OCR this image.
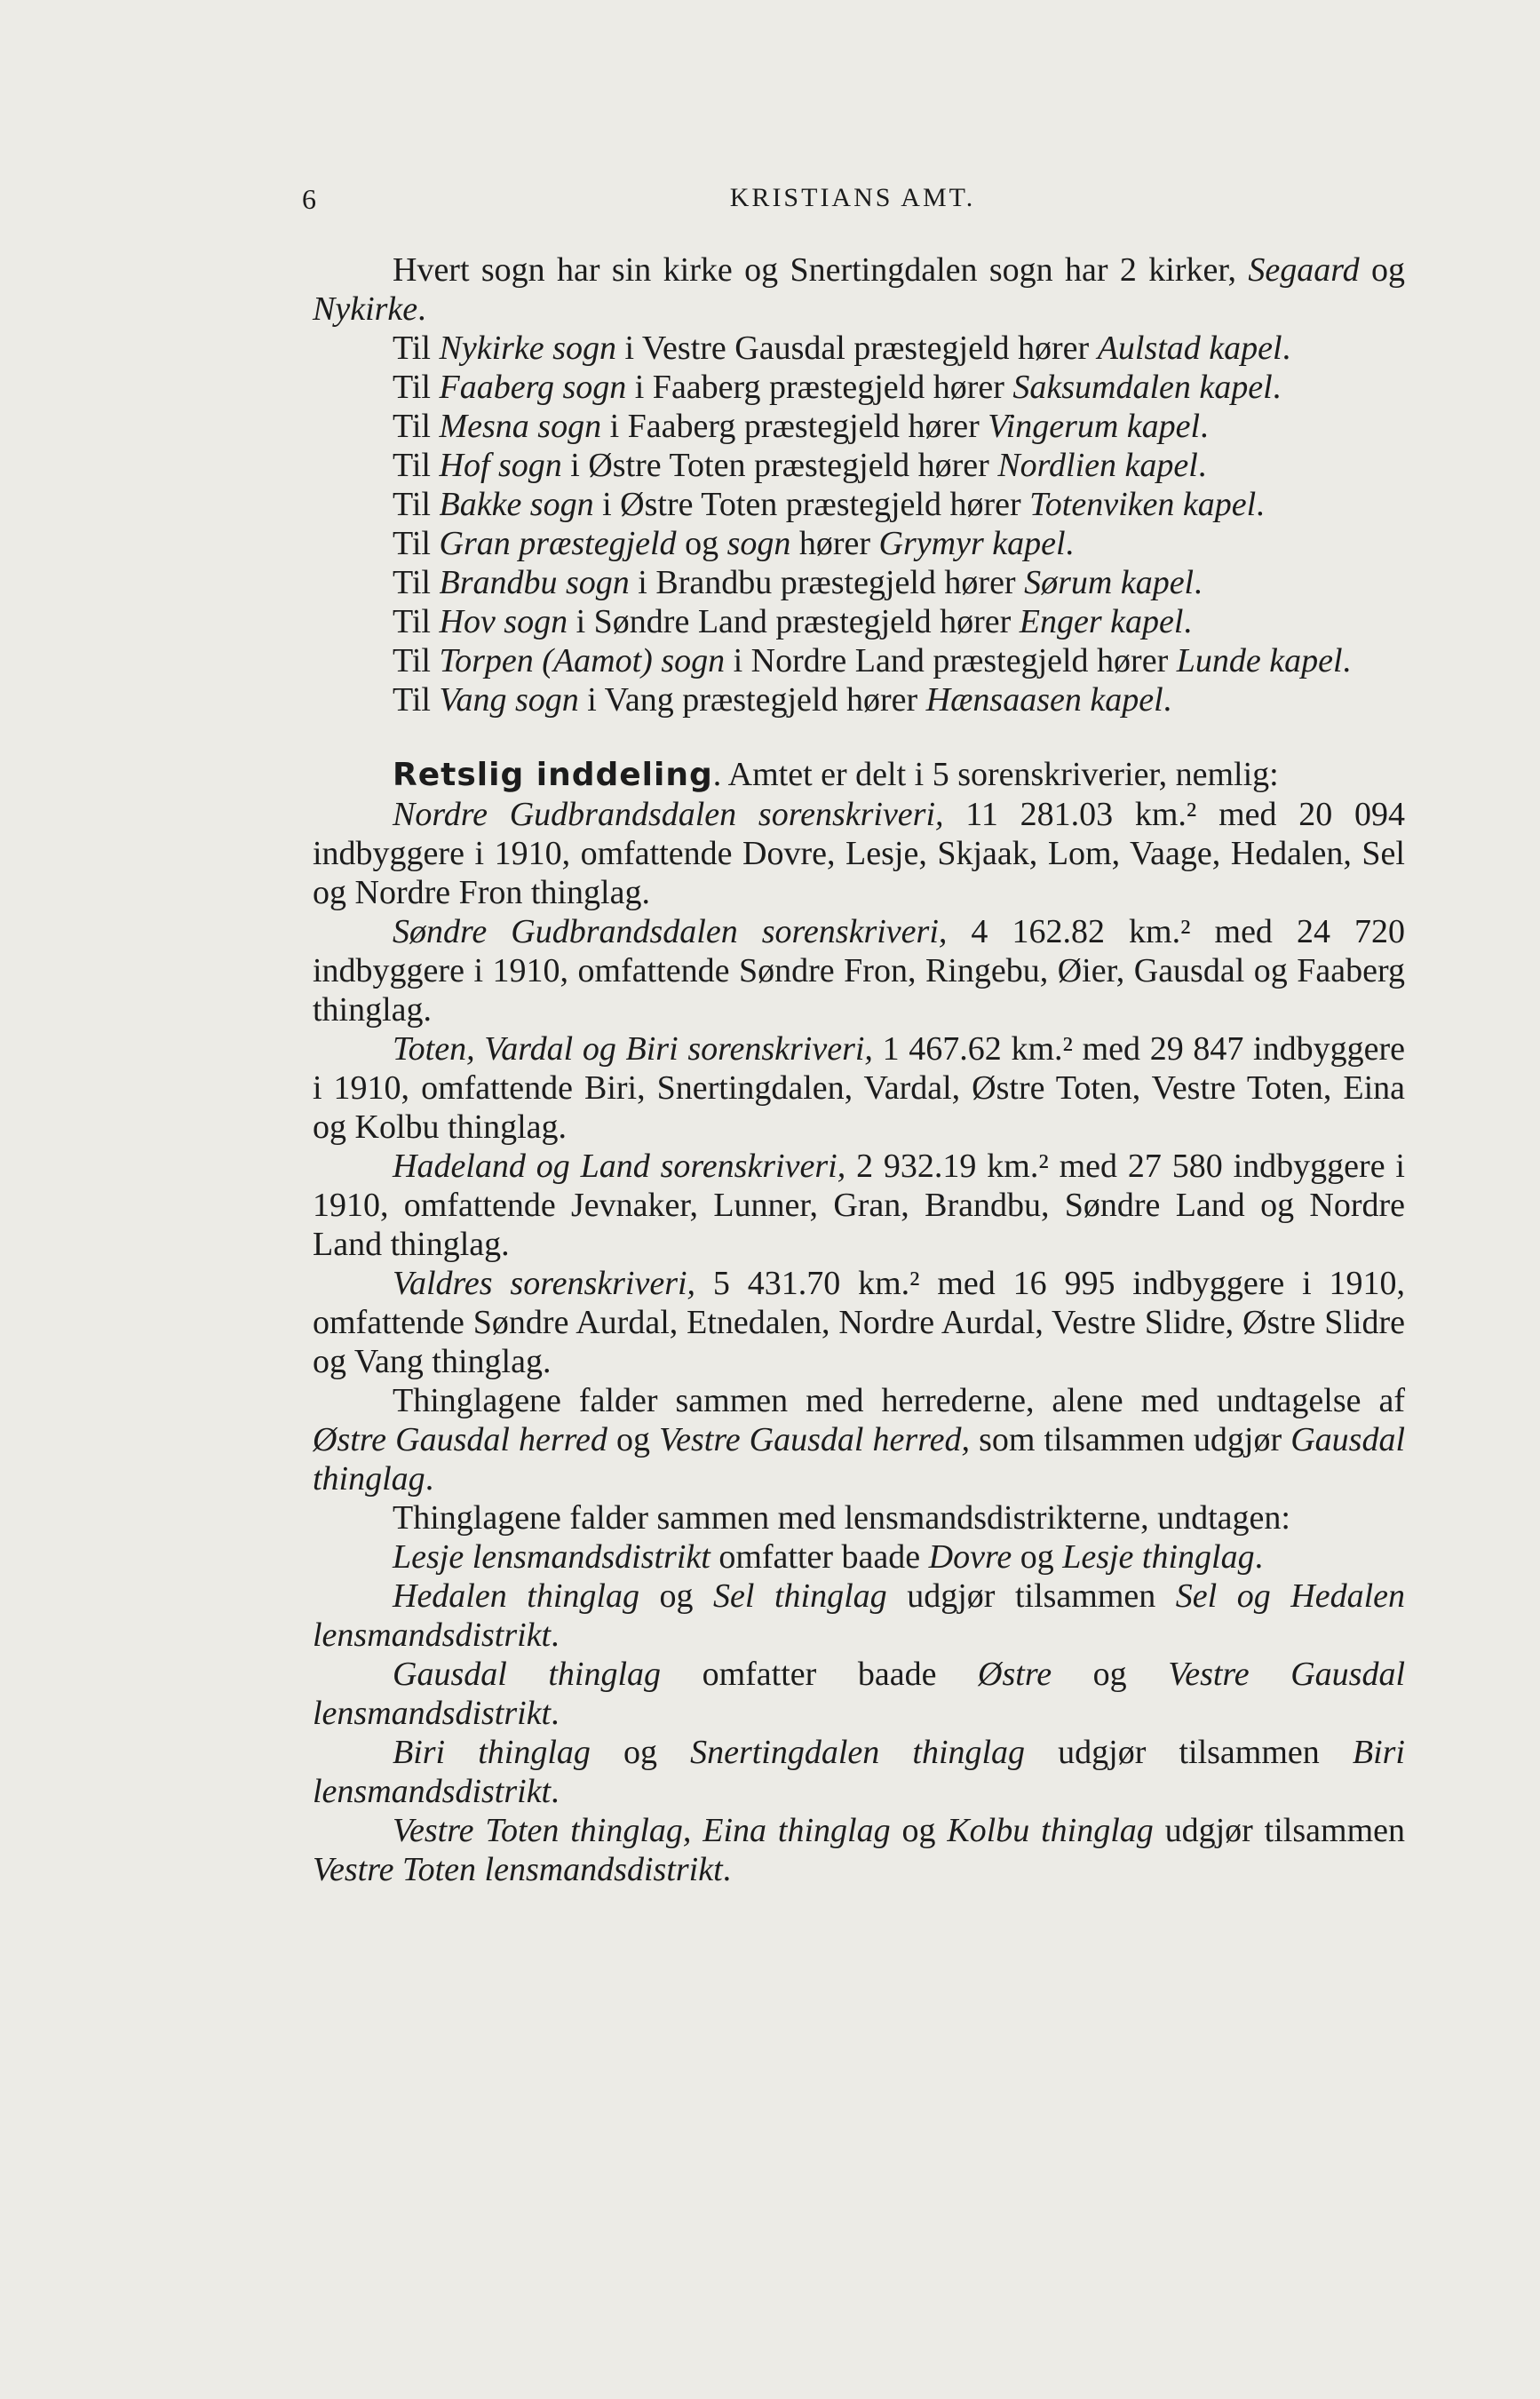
6	KRISTIANS AMT.

Hvert sogn har sin kirke og Snertingdalen sogn har 2 kirker, Segaard og Nykirke.

Til Nykirke sogn i Vestre Gausdal præstegjeld hører Aulstad kapel.

Til Faaberg sogn i Faaberg præstegjeld hører Saksumdalen kapel.

Til Mesna sogn i Faaberg præstegjeld hører Vingerum kapel.

Til Hof sogn i Østre Toten præstegjeld hører Nordlien kapel.

Til Bakke sogn i Østre Toten præstegjeld hører Totenviken kapel.

Til Gran præstegjeld og sogn hører Grymyr kapel.

Til Brandbu sogn i Brandbu præstegjeld hører Sørum kapel.

Til Hov sogn i Søndre Land præstegjeld hører Enger kapel.

Til Torpen (Aamot) sogn i Nordre Land præstegjeld hører Lunde kapel.

Til Vang sogn i Vang præstegjeld hører Hænsaasen kapel.

Retslig inddeling. Amtet er delt i 5 sorenskriverier, nemlig:

Nordre Gudbrandsdalen sorenskriveri, 11 281.03 km.² med 20 094 indbyggere i 1910, omfattende Dovre, Lesje, Skjaak, Lom, Vaage, Hedalen, Sel og Nordre Fron thinglag.

Søndre Gudbrandsdalen sorenskriveri, 4 162.82 km.² med 24 720 indbyggere i 1910, omfattende Søndre Fron, Ringebu, Øier, Gausdal og Faaberg thinglag.

Toten, Vardal og Biri sorenskriveri, 1 467.62 km.² med 29 847 indbyggere i 1910, omfattende Biri, Snertingdalen, Vardal, Østre Toten, Vestre Toten, Eina og Kolbu thinglag.

Hadeland og Land sorenskriveri, 2 932.19 km.² med 27 580 indbyggere i 1910, omfattende Jevnaker, Lunner, Gran, Brandbu, Søndre Land og Nordre Land thinglag.

Valdres sorenskriveri, 5 431.70 km.² med 16 995 indbyggere i 1910, omfattende Søndre Aurdal, Etnedalen, Nordre Aurdal, Vestre Slidre, Østre Slidre og Vang thinglag.

Thinglagene falder sammen med herrederne, alene med undtagelse af Østre Gausdal herred og Vestre Gausdal herred, som tilsammen udgjør Gausdal thinglag.

Thinglagene falder sammen med lensmandsdistrikterne, undtagen:

Lesje lensmandsdistrikt omfatter baade Dovre og Lesje thinglag.

Hedalen thinglag og Sel thinglag udgjør tilsammen Sel og Hedalen lensmandsdistrikt.

Gausdal thinglag omfatter baade Østre og Vestre Gausdal lensmandsdistrikt.

Biri thinglag og Snertingdalen thinglag udgjør tilsammen Biri lensmandsdistrikt.

Vestre Toten thinglag, Eina thinglag og Kolbu thinglag udgjør tilsammen Vestre Toten lensmandsdistrikt.
